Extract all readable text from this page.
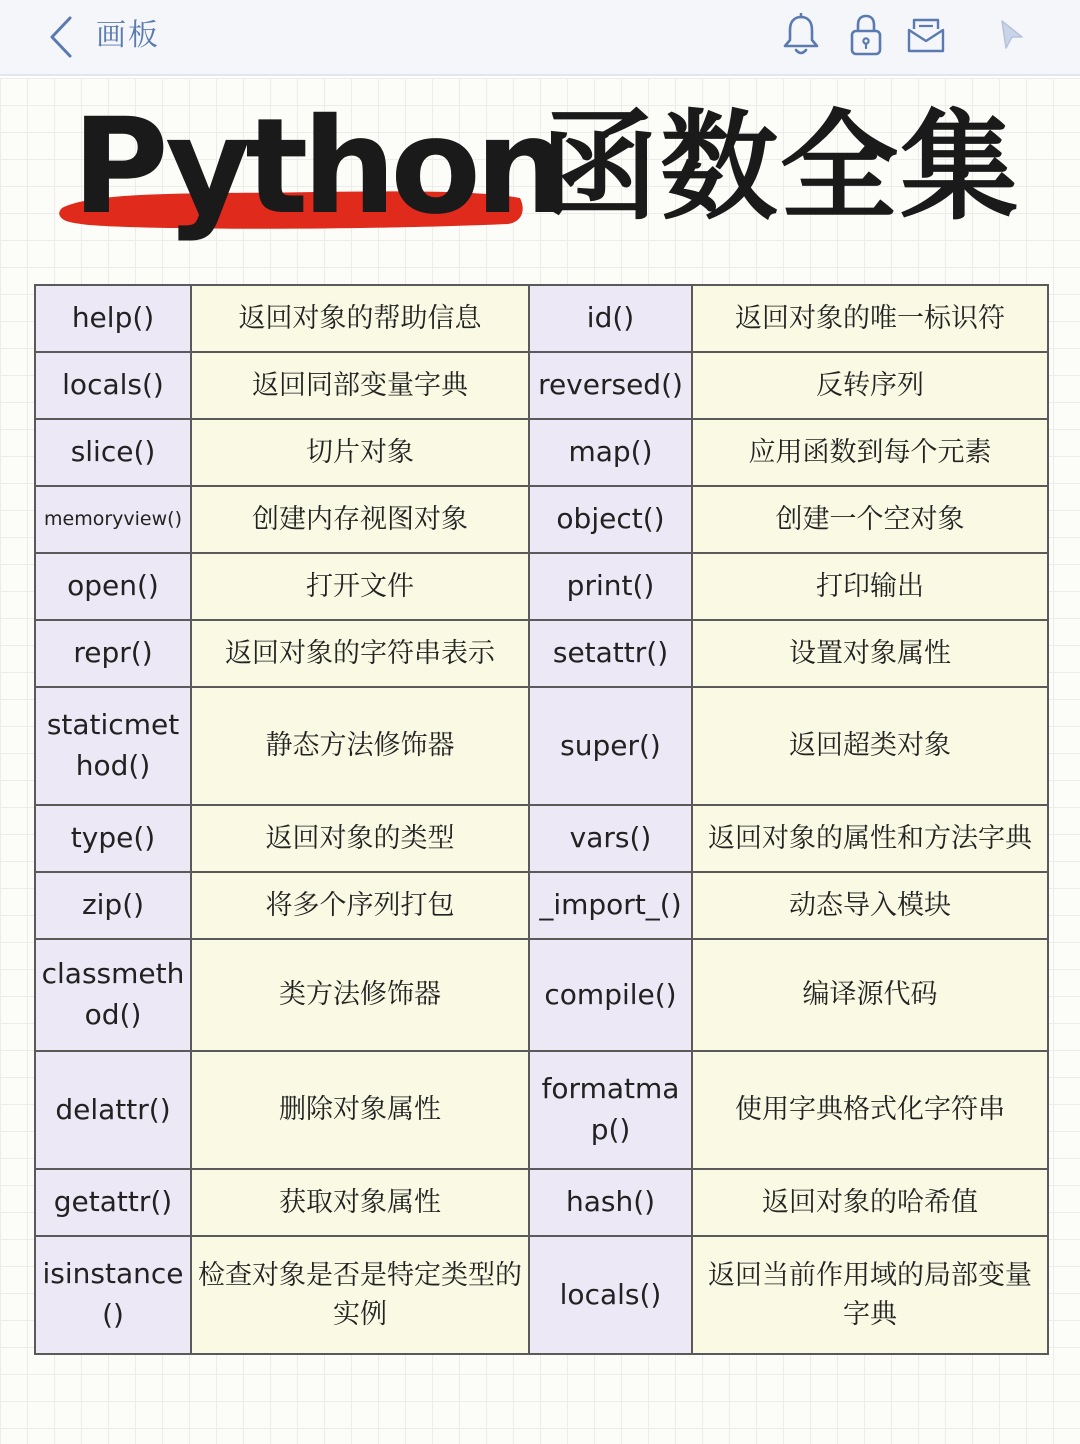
画板
Python
函数全集
help()	返回对象的帮助信息	id()	返回对象的唯一标识符
locals()	返回同部变量字典	reversed()	反转序列
slice()	切片对象	map()	应用函数到每个元素
memoryview()	创建内存视图对象	object()	创建一个空对象
open()	打开文件	print()	打印输出
repr()	返回对象的字符串表示	setattr()	设置对象属性
staticmethod()	静态方法修饰器	super()	返回超类对象
type()	返回对象的类型	vars()	返回对象的属性和方法字典
zip()	将多个序列打包	_import_()	动态导入模块
classmethod()	类方法修饰器	compile()	编译源代码
delattr()	删除对象属性	formatmap()	使用字典格式化字符串
getattr()	获取对象属性	hash()	返回对象的哈希值
isinstance()	检查对象是否是特定类型的实例	locals()	返回当前作用域的局部变量字典
